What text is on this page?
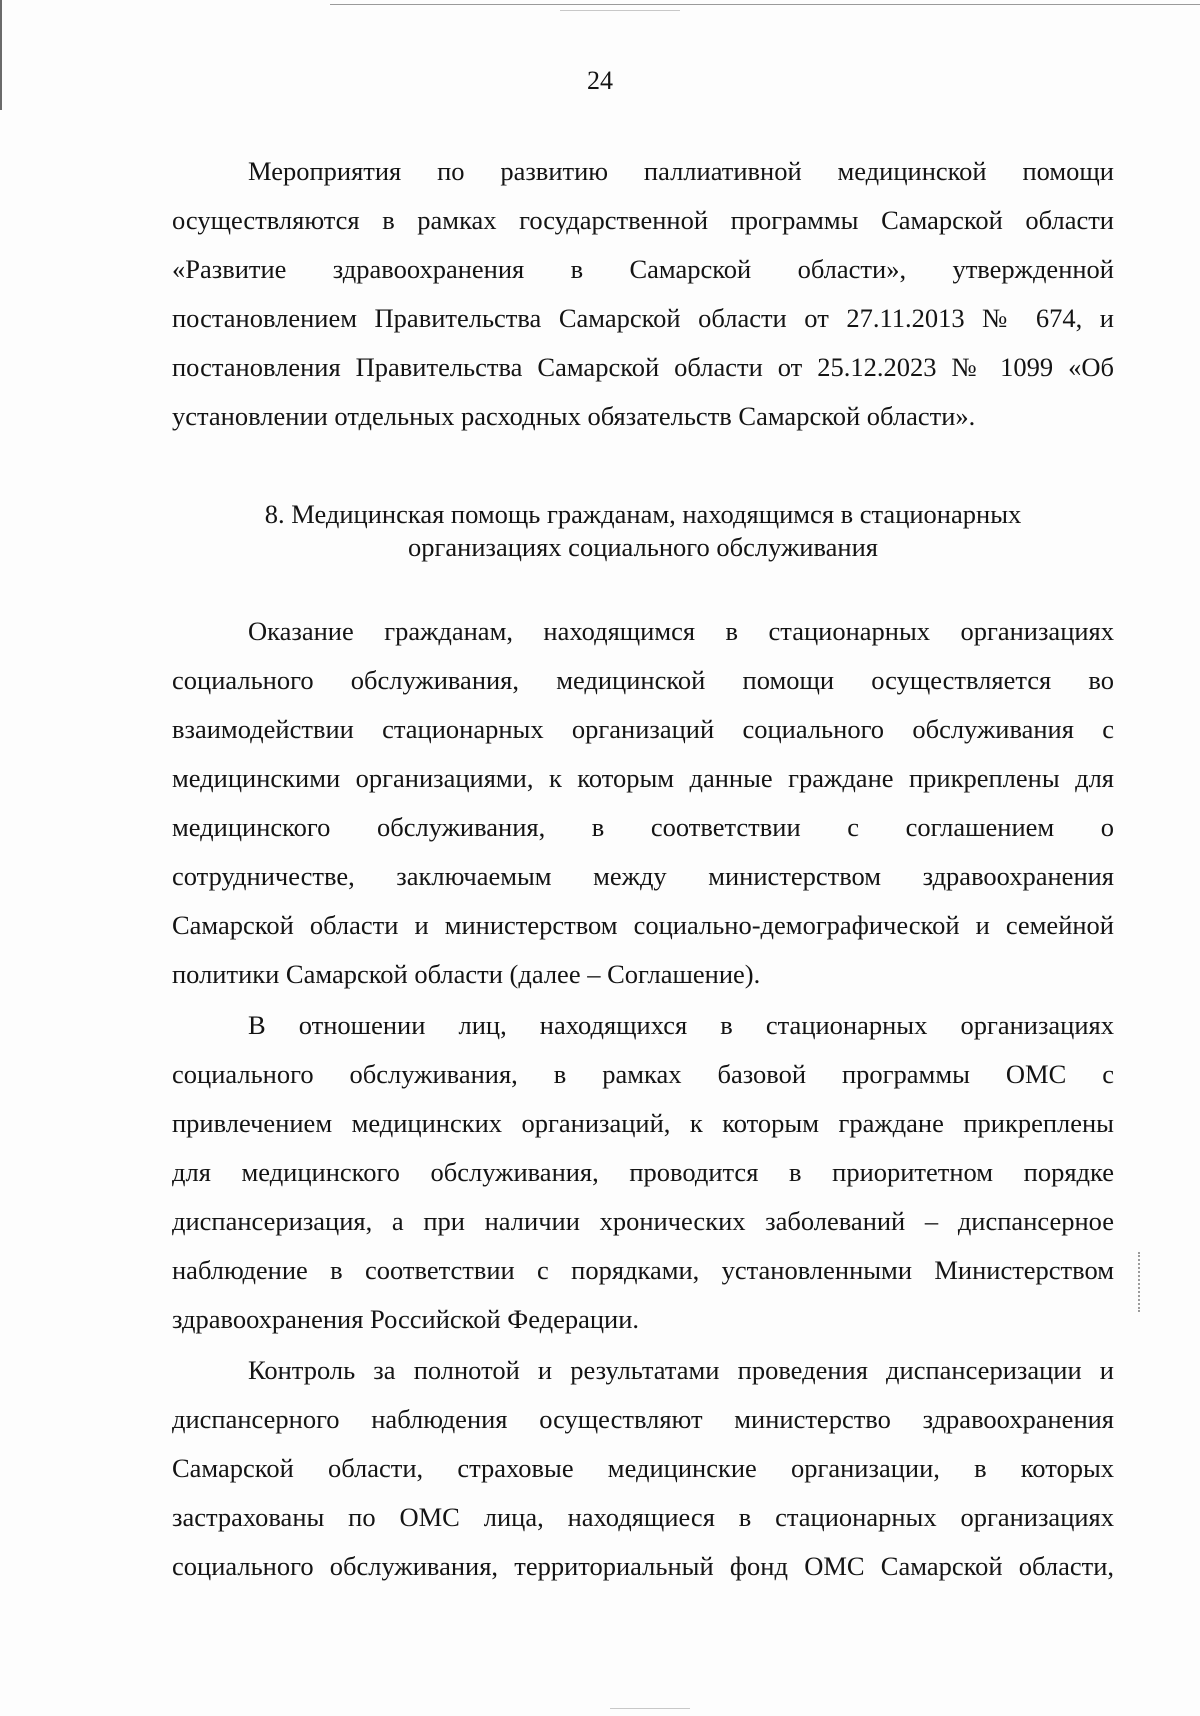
24
Мероприятия по развитию паллиативной медицинской помощи
осуществляются в рамках государственной программы Самарской области
«Развитие здравоохранения в Самарской области», утвержденной
постановлением Правительства Самарской области от 27.11.2013 № 674, и
постановления Правительства Самарской области от 25.12.2023 № 1099 «Об
установлении отдельных расходных обязательств Самарской области».
8. Медицинская помощь гражданам, находящимся в стационарных
организациях социального обслуживания
Оказание гражданам, находящимся в стационарных организациях
социального обслуживания, медицинской помощи осуществляется во
взаимодействии стационарных организаций социального обслуживания с
медицинскими организациями, к которым данные граждане прикреплены для
медицинского обслуживания, в соответствии с соглашением о
сотрудничестве, заключаемым между министерством здравоохранения
Самарской области и министерством социально-демографической и семейной
политики Самарской области (далее – Соглашение).
В отношении лиц, находящихся в стационарных организациях
социального обслуживания, в рамках базовой программы ОМС с
привлечением медицинских организаций, к которым граждане прикреплены
для медицинского обслуживания, проводится в приоритетном порядке
диспансеризация, а при наличии хронических заболеваний – диспансерное
наблюдение в соответствии с порядками, установленными Министерством
здравоохранения Российской Федерации.
Контроль за полнотой и результатами проведения диспансеризации и
диспансерного наблюдения осуществляют министерство здравоохранения
Самарской области, страховые медицинские организации, в которых
застрахованы по ОМС лица, находящиеся в стационарных организациях
социального обслуживания, территориальный фонд ОМС Самарской области,
